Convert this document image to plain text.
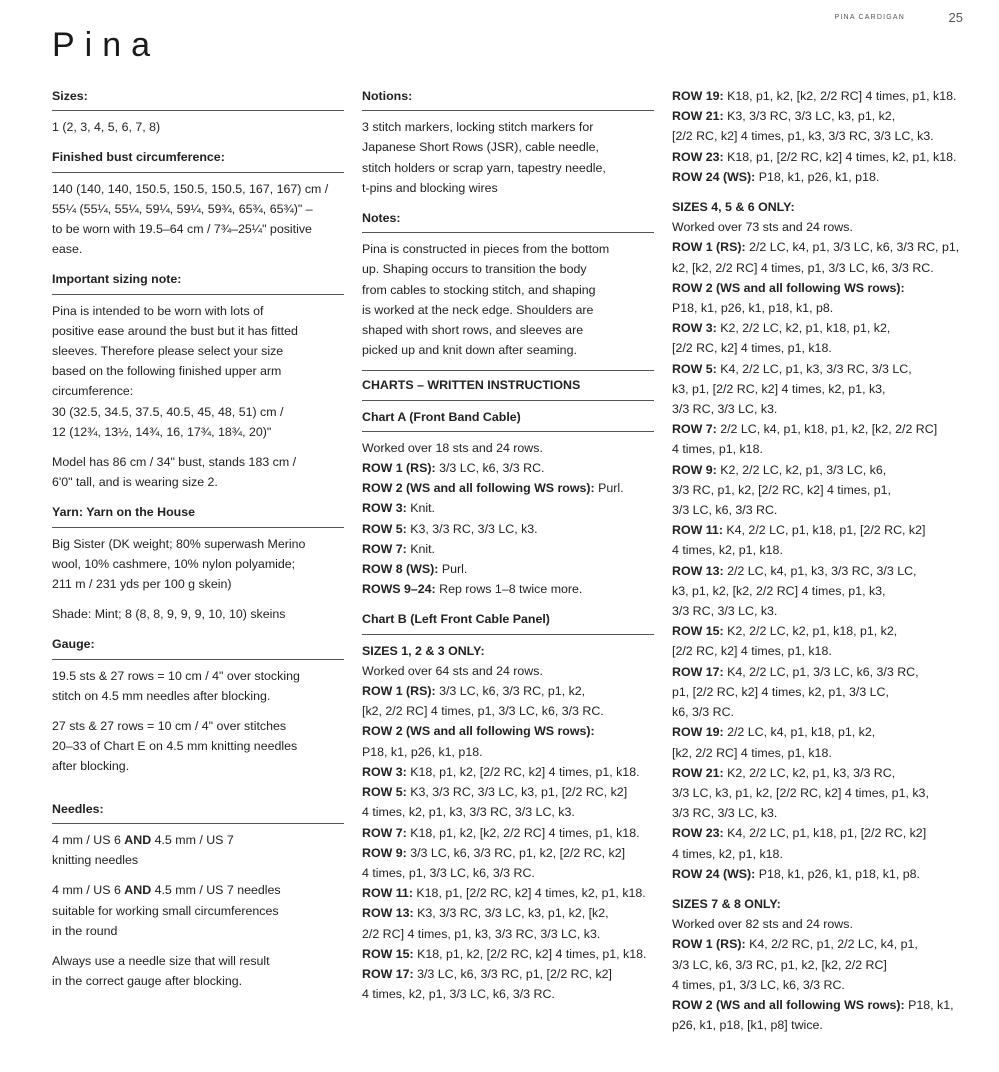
PINA CARDIGAN	25
Pina
Sizes:
1 (2, 3, 4, 5, 6, 7, 8)
Finished bust circumference:
140 (140, 140, 150.5, 150.5, 150.5, 167, 167) cm /
55¼ (55¼, 55¼, 59¼, 59¼, 59¾, 65¾, 65¾)" –
to be worn with 19.5–64 cm / 7¾–25¼" positive
ease.
Important sizing note:
Pina is intended to be worn with lots of
positive ease around the bust but it has fitted
sleeves. Therefore please select your size
based on the following finished upper arm
circumference:
30 (32.5, 34.5, 37.5, 40.5, 45, 48, 51) cm /
12 (12¾, 13½, 14¾, 16, 17¾, 18¾, 20)"
Model has 86 cm / 34" bust, stands 183 cm /
6'0" tall, and is wearing size 2.
Yarn: Yarn on the House
Big Sister (DK weight; 80% superwash Merino
wool, 10% cashmere, 10% nylon polyamide;
211 m / 231 yds per 100 g skein)
Shade: Mint; 8 (8, 8, 9, 9, 9, 10, 10) skeins
Gauge:
19.5 sts & 27 rows = 10 cm / 4" over stocking
stitch on 4.5 mm needles after blocking.
27 sts & 27 rows = 10 cm / 4" over stitches
20–33 of Chart E on 4.5 mm knitting needles
after blocking.
Needles:
4 mm / US 6 AND 4.5 mm / US 7
knitting needles
4 mm / US 6 AND 4.5 mm / US 7 needles
suitable for working small circumferences
in the round
Always use a needle size that will result
in the correct gauge after blocking.
Notions:
3 stitch markers, locking stitch markers for
Japanese Short Rows (JSR), cable needle,
stitch holders or scrap yarn, tapestry needle,
t-pins and blocking wires
Notes:
Pina is constructed in pieces from the bottom
up. Shaping occurs to transition the body
from cables to stocking stitch, and shaping
is worked at the neck edge. Shoulders are
shaped with short rows, and sleeves are
picked up and knit down after seaming.
CHARTS – WRITTEN INSTRUCTIONS
Chart A (Front Band Cable)
Worked over 18 sts and 24 rows.
ROW 1 (RS): 3/3 LC, k6, 3/3 RC.
ROW 2 (WS and all following WS rows): Purl.
ROW 3: Knit.
ROW 5: K3, 3/3 RC, 3/3 LC, k3.
ROW 7: Knit.
ROW 8 (WS): Purl.
ROWS 9–24: Rep rows 1–8 twice more.
Chart B (Left Front Cable Panel)
SIZES 1, 2 & 3 ONLY:
Worked over 64 sts and 24 rows.
ROW 1 (RS): 3/3 LC, k6, 3/3 RC, p1, k2,
[k2, 2/2 RC] 4 times, p1, 3/3 LC, k6, 3/3 RC.
ROW 2 (WS and all following WS rows):
P18, k1, p26, k1, p18.
ROW 3: K18, p1, k2, [2/2 RC, k2] 4 times, p1, k18.
ROW 5: K3, 3/3 RC, 3/3 LC, k3, p1, [2/2 RC, k2]
4 times, k2, p1, k3, 3/3 RC, 3/3 LC, k3.
ROW 7: K18, p1, k2, [k2, 2/2 RC] 4 times, p1, k18.
ROW 9: 3/3 LC, k6, 3/3 RC, p1, k2, [2/2 RC, k2]
4 times, p1, 3/3 LC, k6, 3/3 RC.
ROW 11: K18, p1, [2/2 RC, k2] 4 times, k2, p1, k18.
ROW 13: K3, 3/3 RC, 3/3 LC, k3, p1, k2, [k2,
2/2 RC] 4 times, p1, k3, 3/3 RC, 3/3 LC, k3.
ROW 15: K18, p1, k2, [2/2 RC, k2] 4 times, p1, k18.
ROW 17: 3/3 LC, k6, 3/3 RC, p1, [2/2 RC, k2]
4 times, k2, p1, 3/3 LC, k6, 3/3 RC.
ROW 19: K18, p1, k2, [k2, 2/2 RC] 4 times, p1, k18.
ROW 21: K3, 3/3 RC, 3/3 LC, k3, p1, k2,
[2/2 RC, k2] 4 times, p1, k3, 3/3 RC, 3/3 LC, k3.
ROW 23: K18, p1, [2/2 RC, k2] 4 times, k2, p1, k18.
ROW 24 (WS): P18, k1, p26, k1, p18.
SIZES 4, 5 & 6 ONLY:
Worked over 73 sts and 24 rows.
ROW 1 (RS): 2/2 LC, k4, p1, 3/3 LC, k6, 3/3 RC, p1,
k2, [k2, 2/2 RC] 4 times, p1, 3/3 LC, k6, 3/3 RC.
ROW 2 (WS and all following WS rows):
P18, k1, p26, k1, p18, k1, p8.
ROW 3: K2, 2/2 LC, k2, p1, k18, p1, k2,
[2/2 RC, k2] 4 times, p1, k18.
ROW 5: K4, 2/2 LC, p1, k3, 3/3 RC, 3/3 LC,
k3, p1, [2/2 RC, k2] 4 times, k2, p1, k3,
3/3 RC, 3/3 LC, k3.
ROW 7: 2/2 LC, k4, p1, k18, p1, k2, [k2, 2/2 RC]
4 times, p1, k18.
ROW 9: K2, 2/2 LC, k2, p1, 3/3 LC, k6,
3/3 RC, p1, k2, [2/2 RC, k2] 4 times, p1,
3/3 LC, k6, 3/3 RC.
ROW 11: K4, 2/2 LC, p1, k18, p1, [2/2 RC, k2]
4 times, k2, p1, k18.
ROW 13: 2/2 LC, k4, p1, k3, 3/3 RC, 3/3 LC,
k3, p1, k2, [k2, 2/2 RC] 4 times, p1, k3,
3/3 RC, 3/3 LC, k3.
ROW 15: K2, 2/2 LC, k2, p1, k18, p1, k2,
[2/2 RC, k2] 4 times, p1, k18.
ROW 17: K4, 2/2 LC, p1, 3/3 LC, k6, 3/3 RC,
p1, [2/2 RC, k2] 4 times, k2, p1, 3/3 LC,
k6, 3/3 RC.
ROW 19: 2/2 LC, k4, p1, k18, p1, k2,
[k2, 2/2 RC] 4 times, p1, k18.
ROW 21: K2, 2/2 LC, k2, p1, k3, 3/3 RC,
3/3 LC, k3, p1, k2, [2/2 RC, k2] 4 times, p1, k3,
3/3 RC, 3/3 LC, k3.
ROW 23: K4, 2/2 LC, p1, k18, p1, [2/2 RC, k2]
4 times, k2, p1, k18.
ROW 24 (WS): P18, k1, p26, k1, p18, k1, p8.
SIZES 7 & 8 ONLY:
Worked over 82 sts and 24 rows.
ROW 1 (RS): K4, 2/2 RC, p1, 2/2 LC, k4, p1,
3/3 LC, k6, 3/3 RC, p1, k2, [k2, 2/2 RC]
4 times, p1, 3/3 LC, k6, 3/3 RC.
ROW 2 (WS and all following WS rows): P18, k1,
p26, k1, p18, [k1, p8] twice.
